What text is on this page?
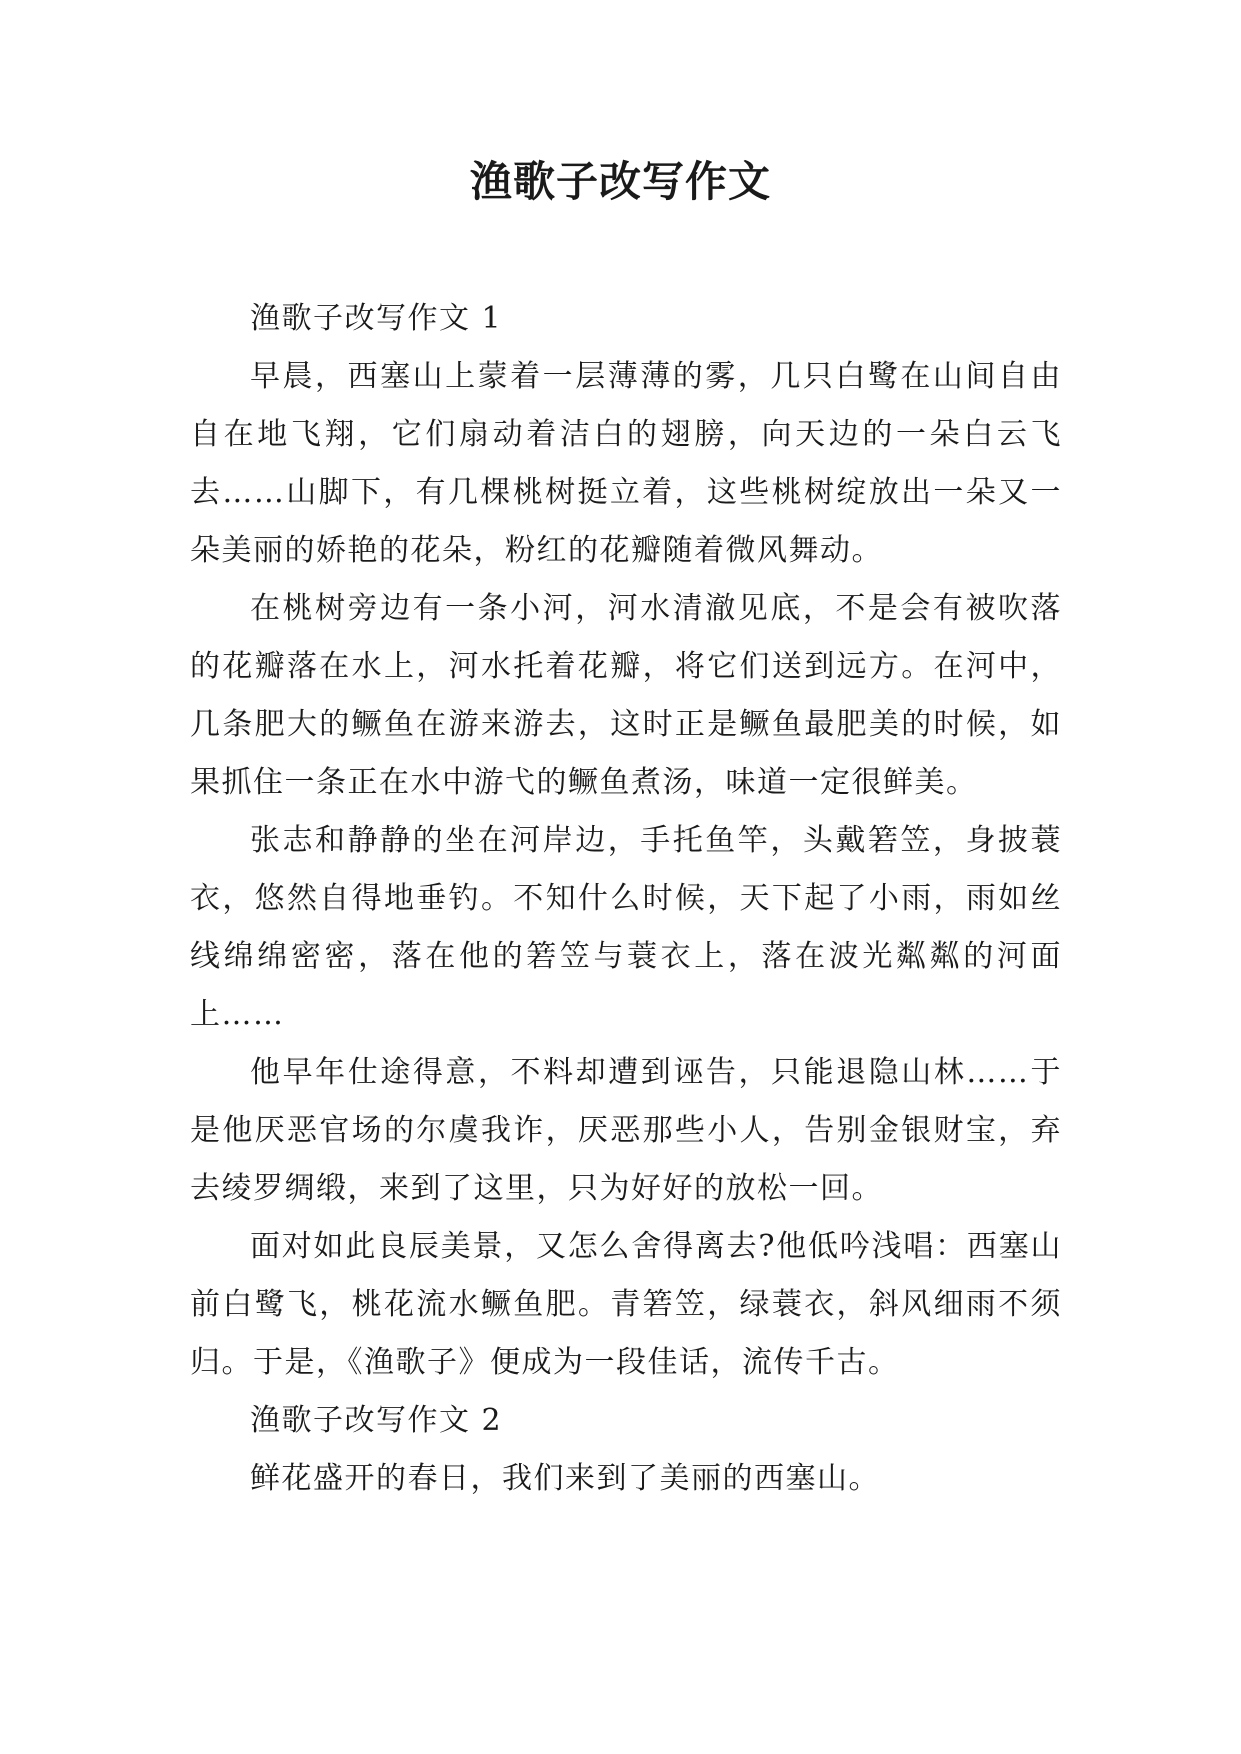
渔歌子改写作文

渔歌子改写作文 1

早晨，西塞山上蒙着一层薄薄的雾，几只白鹭在山间自由自在地飞翔，它们扇动着洁白的翅膀，向天边的一朵白云飞去……山脚下，有几棵桃树挺立着，这些桃树绽放出一朵又一朵美丽的娇艳的花朵，粉红的花瓣随着微风舞动。

在桃树旁边有一条小河，河水清澈见底，不是会有被吹落的花瓣落在水上，河水托着花瓣，将它们送到远方。在河中，几条肥大的鳜鱼在游来游去，这时正是鳜鱼最肥美的时候，如果抓住一条正在水中游弋的鳜鱼煮汤，味道一定很鲜美。

张志和静静的坐在河岸边，手托鱼竿，头戴箬笠，身披蓑衣，悠然自得地垂钓。不知什么时候，天下起了小雨，雨如丝线绵绵密密，落在他的箬笠与蓑衣上，落在波光粼粼的河面上……

他早年仕途得意，不料却遭到诬告，只能退隐山林……于是他厌恶官场的尔虞我诈，厌恶那些小人，告别金银财宝，弃去绫罗绸缎，来到了这里，只为好好的放松一回。

面对如此良辰美景，又怎么舍得离去?他低吟浅唱：西塞山前白鹭飞，桃花流水鳜鱼肥。青箬笠，绿蓑衣，斜风细雨不须归。于是，《渔歌子》便成为一段佳话，流传千古。

渔歌子改写作文 2

鲜花盛开的春日，我们来到了美丽的西塞山。
